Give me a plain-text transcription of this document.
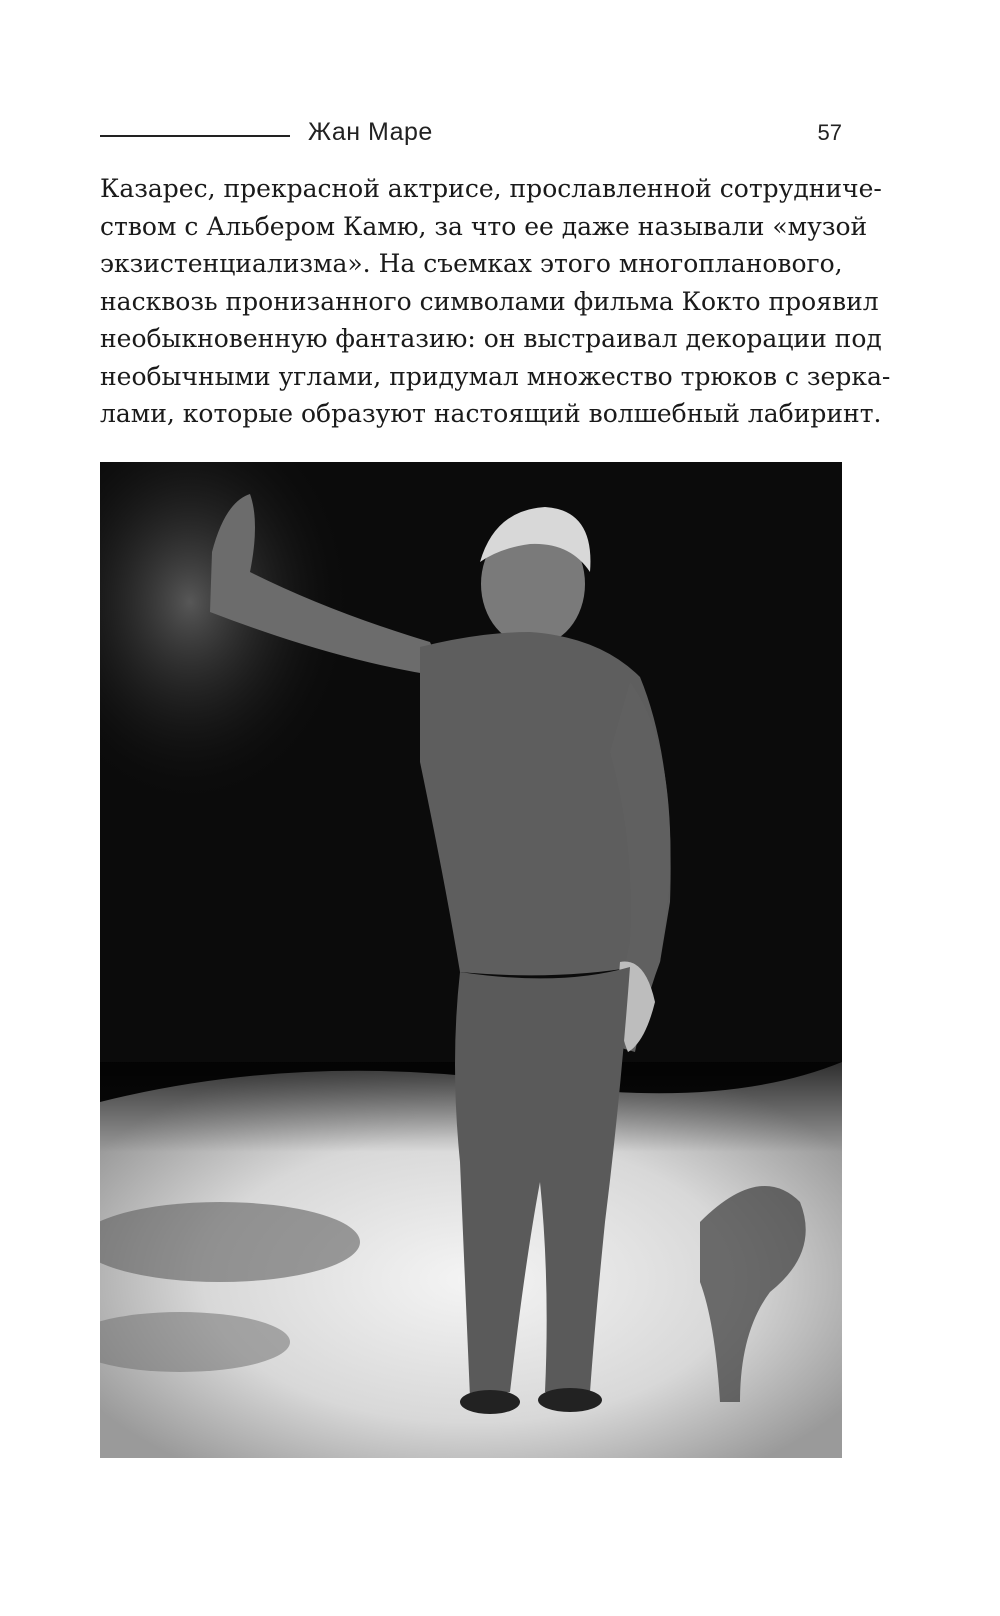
Жан Маре	57
Казарес, прекрасной актрисе, прославленной сотрудниче-
ством с Альбером Камю, за что ее даже называли «музой
экзистенциализма». На съемках этого многопланового,
насквозь пронизанного символами фильма Кокто проявил
необыкновенную фантазию: он выстраивал декорации под
необычными углами, придумал множество трюков с зерка-
лами, которые образуют настоящий волшебный лабиринт.
